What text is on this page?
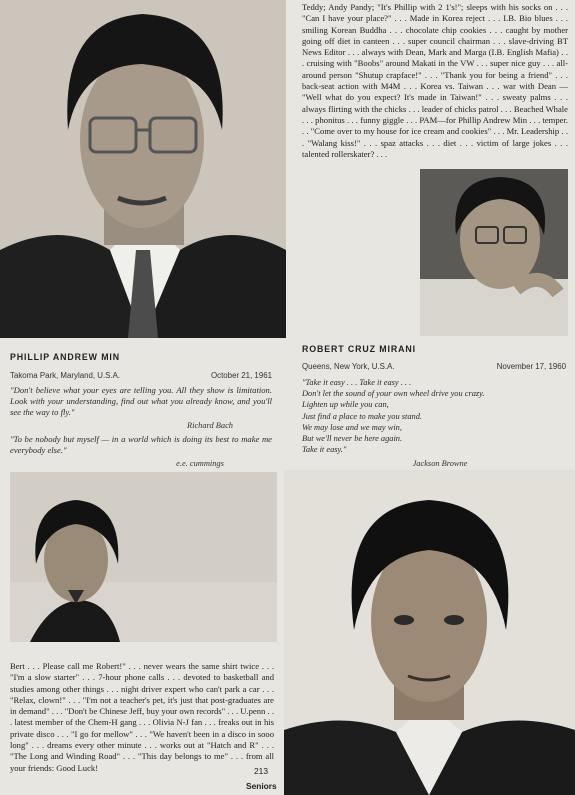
Teddy; Andy Pandy; "It's Phillip with 2 1's!"; sleeps with his socks on . . . "Can I have your place?" . . . Made in Korea reject . . . I.B. Bio blues . . . smiling Korean Buddha . . . chocolate chip cookies . . . caught by mother going off diet in canteen . . . super council chairman . . . slave-driving BT News Editor . . . always with Dean, Mark and Marga (I.B. English Mafia) . . . cruising with "Boobs" around Makati in the VW . . . super nice guy . . . all-around person "Shutup crapface!" . . . "Thank you for being a friend" . . . back-seat action with M4M . . . Korea vs. Taiwan . . . war with Dean — "Well what do you expect? It's made in Taiwan!" . . . sweaty palms . . . always flirting with the chicks . . . leader of chicks patrol . . . Beached Whale . . . phonitus . . . funny giggle . . . PAM—for Phillip Andrew Min . . . temper. . . "Come over to my house for ice cream and cookies" . . . Mr. Leadership . . . "Walang kiss!" . . . spaz attacks . . . diet . . . victim of large jokes . . . talented rollerskater? . . .
PHILLIP ANDREW MIN
Takoma Park, Maryland, U.S.A.	October 21, 1961
"Don't believe what your eyes are telling you. All they show is limitation. Look with your understanding, find out what you already know, and you'll see the way to fly."
Richard Bach
"To be nobody but myself — in a world which is doing its best to make me everybody else."
e.e. cummings
ROBERT CRUZ MIRANI
Queens, New York, U.S.A.	November 17, 1960
"Take it easy . . . Take it easy . . .
Don't let the sound of your own wheel drive you crazy.
Lighten up while you can,
Just find a place to make you stand.
We may lose and we may win,
But we'll never be here again.
Take it easy."
Jackson Browne
Bert . . . Please call me Robert!" . . . never wears the same shirt twice . . . "I'm a slow starter" . . . 7-hour phone calls . . . devoted to basketball and studies among other things . . . night driver expert who can't park a car . . . "Relax, clown!" . . . "I'm not a teacher's pet, it's just that post-graduates are in demand" . . . "Don't be Chinese Jeff, buy your own records" . . . U.penn . . . latest member of the Chem-H gang . . . Olivia N-J fan . . . freaks out in his private disco . . . "I go for mellow" . . . "We haven't been in a disco in sooo long" . . . dreams every other minute . . . works out at "Hatch and R" . . . "The Long and Winding Road" . . . "This day belongs to me" . . . from all your friends: Good Luck!	213
Seniors
